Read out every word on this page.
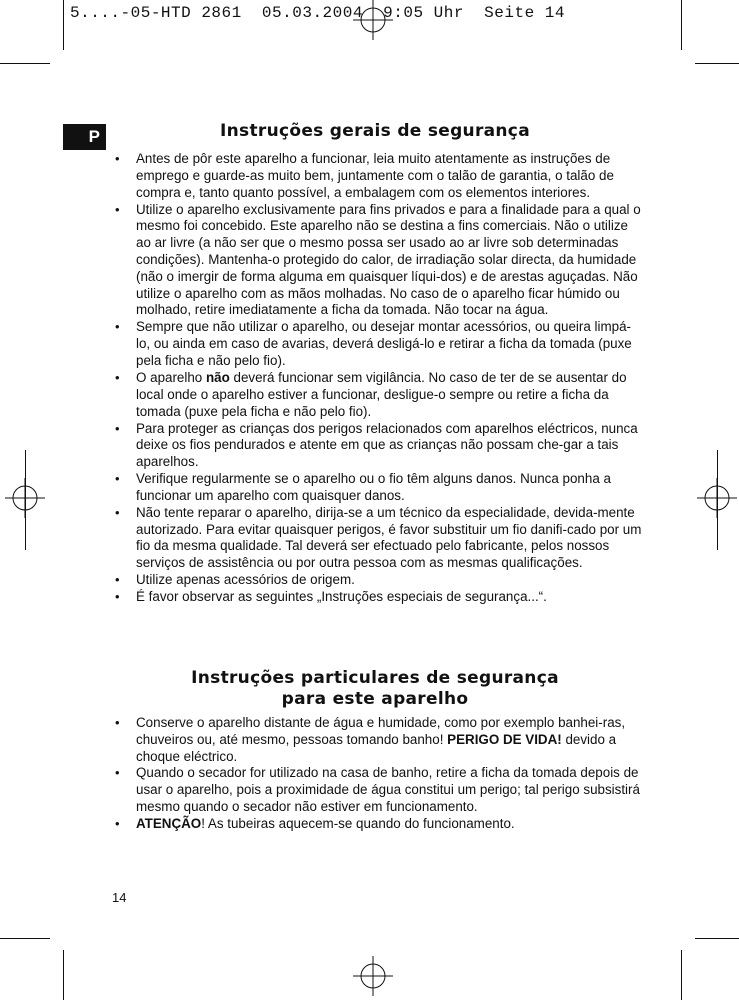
5....-05-HTD 2861  05.03.2004  9:05 Uhr  Seite 14
P	Instruções gerais de segurança
• Antes de pôr este aparelho a funcionar, leia muito atentamente as instruções de emprego e guarde-as muito bem, juntamente com o talão de garantia, o talão de compra e, tanto quanto possível, a embalagem com os elementos interiores.
• Utilize o aparelho exclusivamente para fins privados e para a finalidade para a qual o mesmo foi concebido. Este aparelho não se destina a fins comerciais. Não o utilize ao ar livre (a não ser que o mesmo possa ser usado ao ar livre sob determinadas condições). Mantenha-o protegido do calor, de irradiação solar directa, da humidade (não o imergir de forma alguma em quaisquer líqui-dos) e de arestas aguçadas. Não utilize o aparelho com as mãos molhadas. No caso de o aparelho ficar húmido ou molhado, retire imediatamente a ficha da tomada. Não tocar na água.
• Sempre que não utilizar o aparelho, ou desejar montar acessórios, ou queira limpá-lo, ou ainda em caso de avarias, deverá desligá-lo e retirar a ficha da tomada (puxe pela ficha e não pelo fio).
• O aparelho não deverá funcionar sem vigilância. No caso de ter de se ausentar do local onde o aparelho estiver a funcionar, desligue-o sempre ou retire a ficha da tomada (puxe pela ficha e não pelo fio).
• Para proteger as crianças dos perigos relacionados com aparelhos eléctricos, nunca deixe os fios pendurados e atente em que as crianças não possam che-gar a tais aparelhos.
• Verifique regularmente se o aparelho ou o fio têm alguns danos. Nunca ponha a funcionar um aparelho com quaisquer danos.
• Não tente reparar o aparelho, dirija-se a um técnico da especialidade, devida-mente autorizado. Para evitar quaisquer perigos, é favor substituir um fio danifi-cado por um fio da mesma qualidade. Tal deverá ser efectuado pelo fabricante, pelos nossos serviços de assistência ou por outra pessoa com as mesmas qualificações.
• Utilize apenas acessórios de origem.
• É favor observar as seguintes „Instruções especiais de segurança...“.
Instruções particulares de segurança
para este aparelho
• Conserve o aparelho distante de água e humidade, como por exemplo banhei-ras, chuveiros ou, até mesmo, pessoas tomando banho! PERIGO DE VIDA! devido a choque eléctrico.
• Quando o secador for utilizado na casa de banho, retire a ficha da tomada depois de usar o aparelho, pois a proximidade de água constitui um perigo; tal perigo subsistirá mesmo quando o secador não estiver em funcionamento.
• ATENÇÃO! As tubeiras aquecem-se quando do funcionamento.
14
